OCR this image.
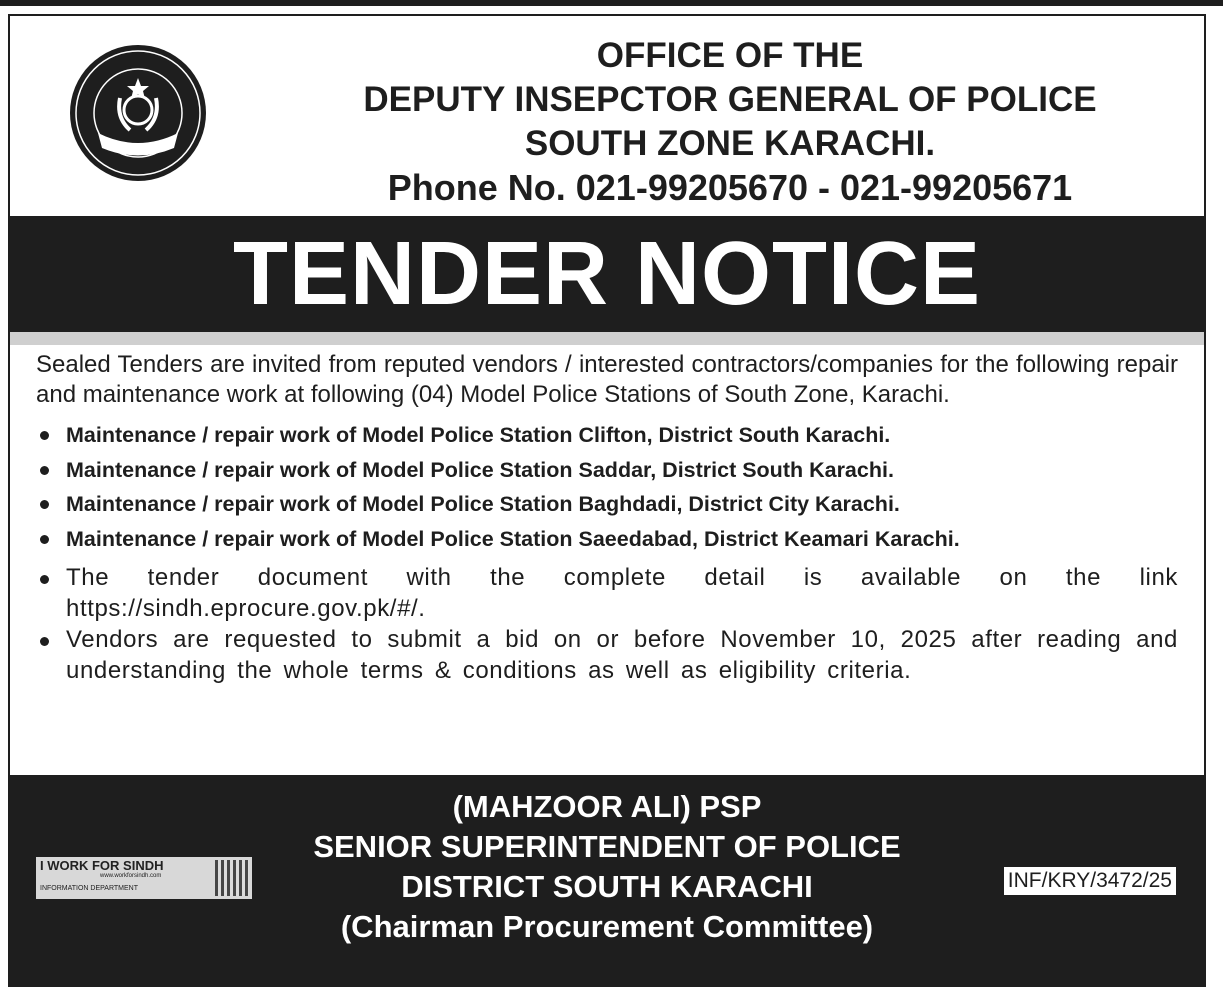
OFFICE OF THE
DEPUTY INSEPCTOR GENERAL OF POLICE
SOUTH ZONE KARACHI.
Phone No. 021-99205670 - 021-99205671
TENDER NOTICE

Sealed Tenders are invited from reputed vendors / interested contractors/companies for the following repair and maintenance work at following (04) Model Police Stations of South Zone, Karachi.

Maintenance / repair work of Model Police Station Clifton, District South Karachi.
Maintenance / repair work of Model Police Station Saddar, District South Karachi.
Maintenance / repair work of Model Police Station Baghdadi, District City Karachi.
Maintenance / repair work of Model Police Station Saeedabad, District Keamari Karachi.
The tender document with the complete detail is available on the link https://sindh.eprocure.gov.pk/#/.
Vendors are requested to submit a bid on or before November 10, 2025 after reading and understanding the whole terms & conditions as well as eligibility criteria.
I WORK FOR SINDH
www.workforsindh.com
INFORMATION DEPARTMENT
(MAHZOOR ALI) PSP
SENIOR SUPERINTENDENT OF POLICE
DISTRICT SOUTH KARACHI
(Chairman Procurement Committee)
INF/KRY/3472/25
